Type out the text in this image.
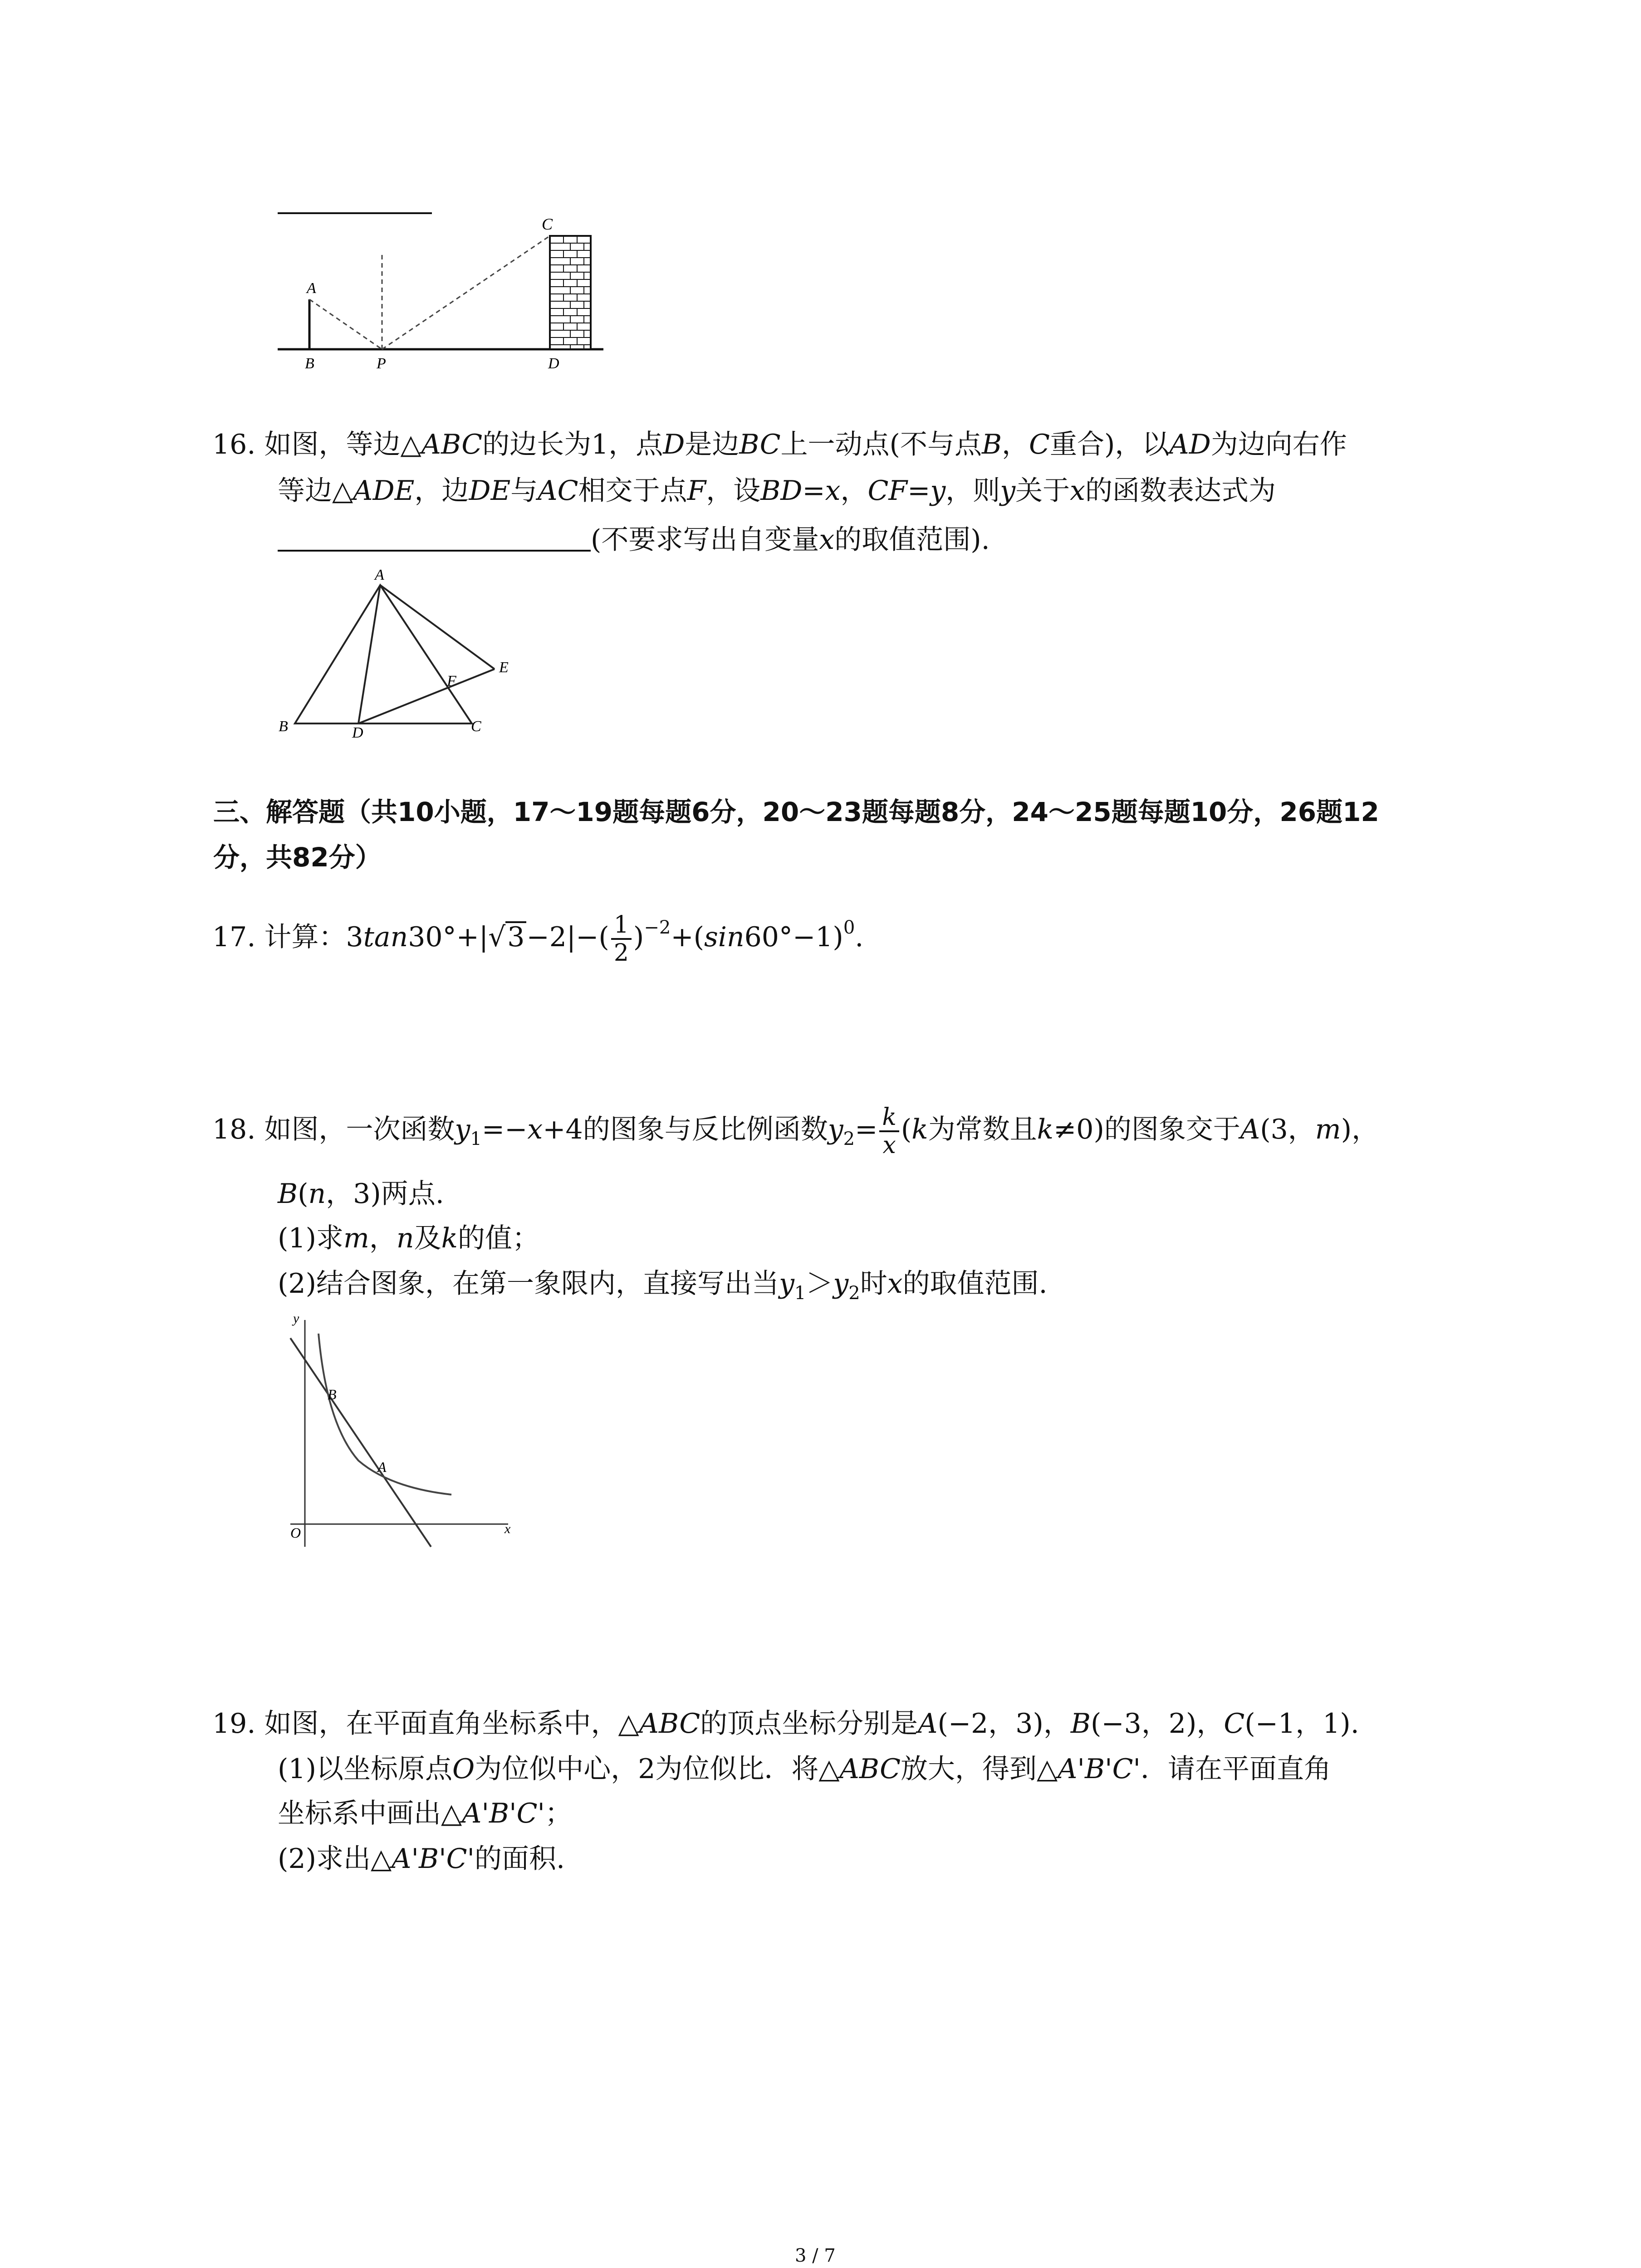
C
A
B	P	D
16. 如图，等边△ABC的边长为1，点D是边BC上一动点(不与点B，C重合)，以AD为边向右作
等边△ADE，边DE与AC相交于点F，设BD=x，CF=y，则y关于x的函数表达式为
(不要求写出自变量x的取值范围).
A
B	C
D
E
F
三、解答题（共10小题，17～19题每题6分，20～23题每题8分，24～25题每题10分，26题12
分，共82分）
17. 计算：$3\tan 30^\circ+|√3-2|-( \frac{1}{2} )^{-2}+(\sin 60^\circ-1)^0$.
18. 如图，一次函数$y_1=-x+4$的图象与反比例函数$y_2= \frac{k}{x} (k$为常数且k≠0)的图象交于A(3，m)，
B(n，3)两点.
(1)求m，n及k的值；
(2)结合图象，在第一象限内，直接写出当$y_1>y_2$时x的取值范围.
y
x
O
B
A
19. 如图，在平面直角坐标系中，△ABC的顶点坐标分别是A(−2，3)，B(−3，2)，C(−1，1).
(1)以坐标原点O为位似中心，2为位似比．将△ABC放大，得到△A'B'C'．请在平面直角
坐标系中画出△A'B'C'；
(2)求出△A'B'C'的面积.
3 / 7
